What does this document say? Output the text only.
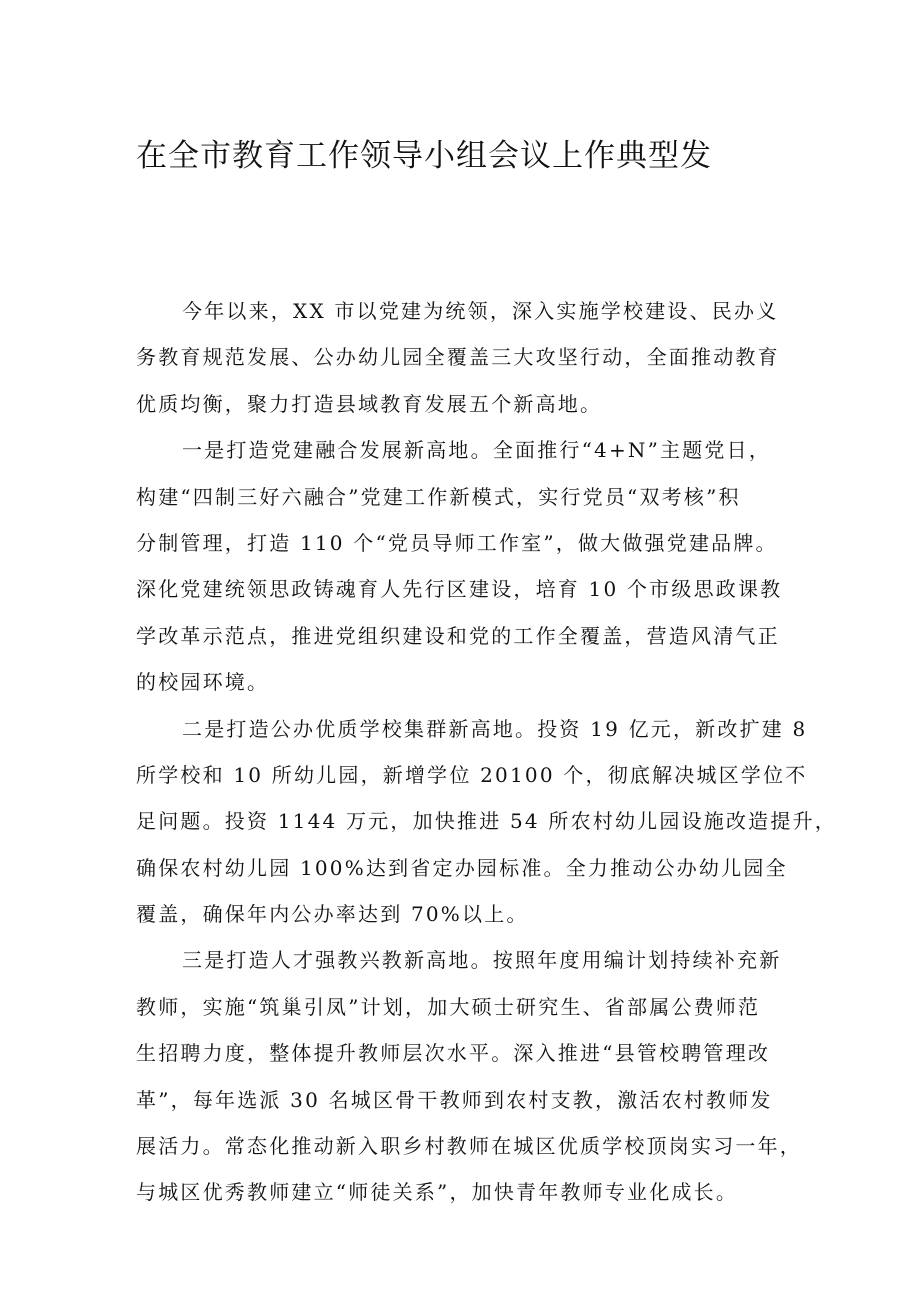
在全市教育工作领导小组会议上作典型发
今年以来，XX 市以党建为统领，深入实施学校建设、民办义
务教育规范发展、公办幼儿园全覆盖三大攻坚行动，全面推动教育
优质均衡，聚力打造县域教育发展五个新高地。
一是打造党建融合发展新高地。全面推行“4+N”主题党日，
构建“四制三好六融合”党建工作新模式，实行党员“双考核”积
分制管理，打造 110 个“党员导师工作室”，做大做强党建品牌。
深化党建统领思政铸魂育人先行区建设，培育 10 个市级思政课教
学改革示范点，推进党组织建设和党的工作全覆盖，营造风清气正
的校园环境。
二是打造公办优质学校集群新高地。投资 19 亿元，新改扩建 8
所学校和 10 所幼儿园，新增学位 20100 个，彻底解决城区学位不
足问题。投资 1144 万元，加快推进 54 所农村幼儿园设施改造提升，
确保农村幼儿园 100%达到省定办园标准。全力推动公办幼儿园全
覆盖，确保年内公办率达到 70%以上。
三是打造人才强教兴教新高地。按照年度用编计划持续补充新
教师，实施“筑巢引凤”计划，加大硕士研究生、省部属公费师范
生招聘力度，整体提升教师层次水平。深入推进“县管校聘管理改
革”，每年选派 30 名城区骨干教师到农村支教，激活农村教师发
展活力。常态化推动新入职乡村教师在城区优质学校顶岗实习一年，
与城区优秀教师建立“师徒关系”，加快青年教师专业化成长。
